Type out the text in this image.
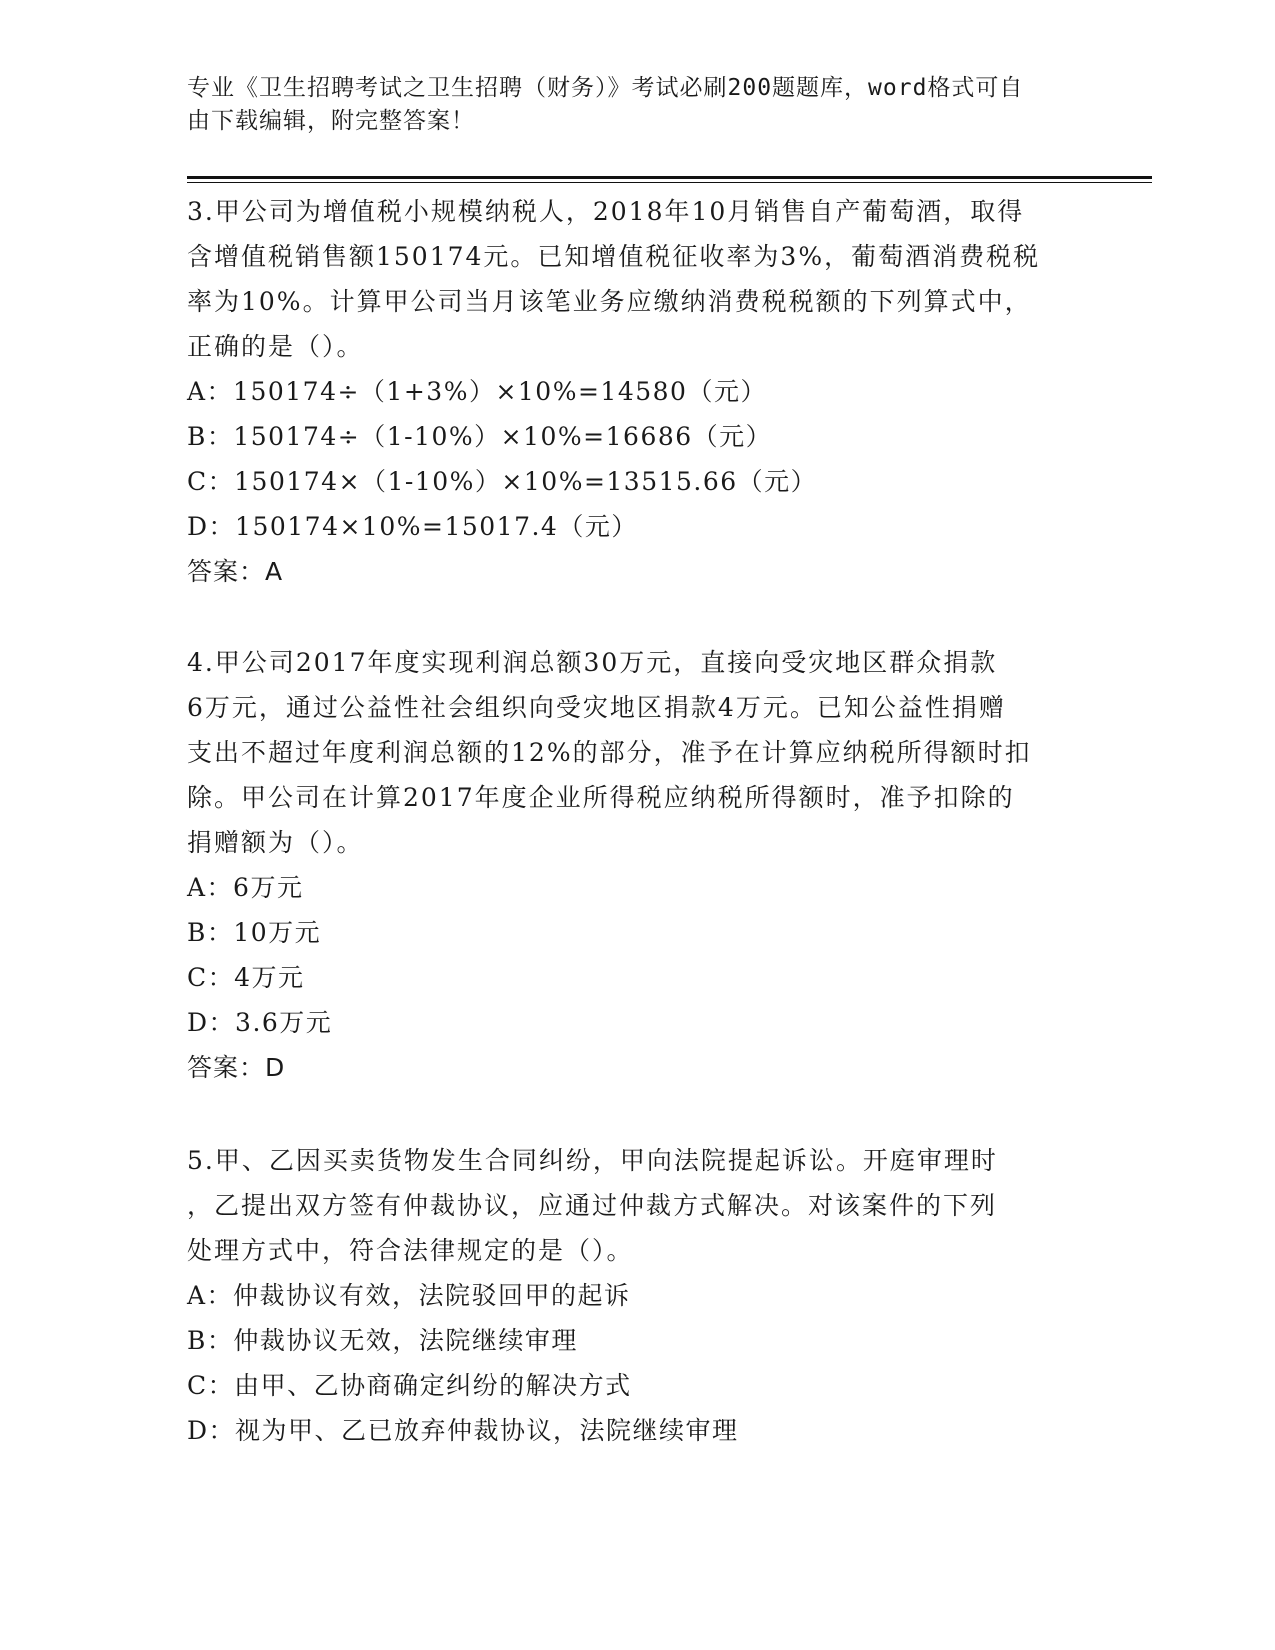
专业《卫生招聘考试之卫生招聘（财务）》考试必刷200题题库，word格式可自
由下载编辑，附完整答案！

3.甲公司为增值税小规模纳税人，2018年10月销售自产葡萄酒，取得

含增值税销售额150174元。已知增值税征收率为3%，葡萄酒消费税税

率为10%。计算甲公司当月该笔业务应缴纳消费税税额的下列算式中，

正确的是（）。

A：150174÷（1+3%）×10%=14580（元）

B：150174÷（1-10%）×10%=16686（元）

C：150174×（1-10%）×10%=13515.66（元）

D：150174×10%=15017.4（元）

答案：A

4.甲公司2017年度实现利润总额30万元，直接向受灾地区群众捐款

6万元，通过公益性社会组织向受灾地区捐款4万元。已知公益性捐赠

支出不超过年度利润总额的12%的部分，准予在计算应纳税所得额时扣

除。甲公司在计算2017年度企业所得税应纳税所得额时，准予扣除的

捐赠额为（）。

A：6万元

B：10万元

C：4万元

D：3.6万元

答案：D

5.甲、乙因买卖货物发生合同纠纷，甲向法院提起诉讼。开庭审理时

，乙提出双方签有仲裁协议，应通过仲裁方式解决。对该案件的下列

处理方式中，符合法律规定的是（）。

A：仲裁协议有效，法院驳回甲的起诉

B：仲裁协议无效，法院继续审理

C：由甲、乙协商确定纠纷的解决方式

D：视为甲、乙已放弃仲裁协议，法院继续审理
